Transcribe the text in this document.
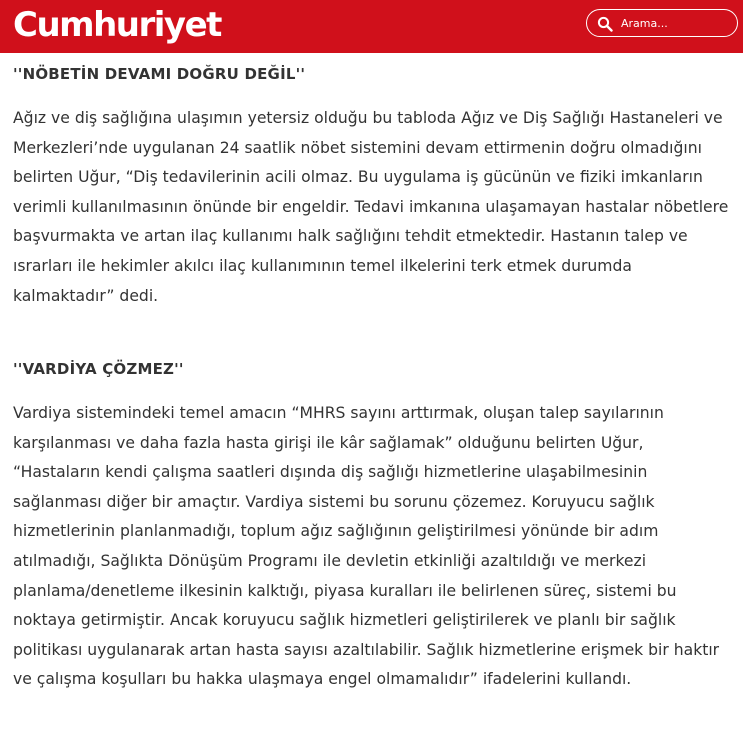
Cumhuriyet
Arama...
''NÖBETİN DEVAMI DOĞRU DEĞİL''

Ağız ve diş sağlığına ulaşımın yetersiz olduğu bu tabloda Ağız ve Diş Sağlığı Hastaneleri ve Merkezleri’nde uygulanan 24 saatlik nöbet sistemini devam ettirmenin doğru olmadığını belirten Uğur, “Diş tedavilerinin acili olmaz. Bu uygulama iş gücünün ve fiziki imkanların verimli kullanılmasının önünde bir engeldir. Tedavi imkanına ulaşamayan hastalar nöbetlere başvurmakta ve artan ilaç kullanımı halk sağlığını tehdit etmektedir. Hastanın talep ve ısrarları ile hekimler akılcı ilaç kullanımının temel ilkelerini terk etmek durumda kalmaktadır” dedi.

''VARDİYA ÇÖZMEZ''

Vardiya sistemindeki temel amacın “MHRS sayını arttırmak, oluşan talep sayılarının karşılanması ve daha fazla hasta girişi ile kâr sağlamak” olduğunu belirten Uğur, “Hastaların kendi çalışma saatleri dışında diş sağlığı hizmetlerine ulaşabilmesinin sağlanması diğer bir amaçtır. Vardiya sistemi bu sorunu çözemez. Koruyucu sağlık hizmetlerinin planlanmadığı, toplum ağız sağlığının geliştirilmesi yönünde bir adım atılmadığı, Sağlıkta Dönüşüm Programı ile devletin etkinliği azaltıldığı ve merkezi planlama/denetleme ilkesinin kalktığı, piyasa kuralları ile belirlenen süreç, sistemi bu noktaya getirmiştir. Ancak koruyucu sağlık hizmetleri geliştirilerek ve planlı bir sağlık politikası uygulanarak artan hasta sayısı azaltılabilir. Sağlık hizmetlerine erişmek bir haktır ve çalışma koşulları bu hakka ulaşmaya engel olmamalıdır” ifadelerini kullandı.
